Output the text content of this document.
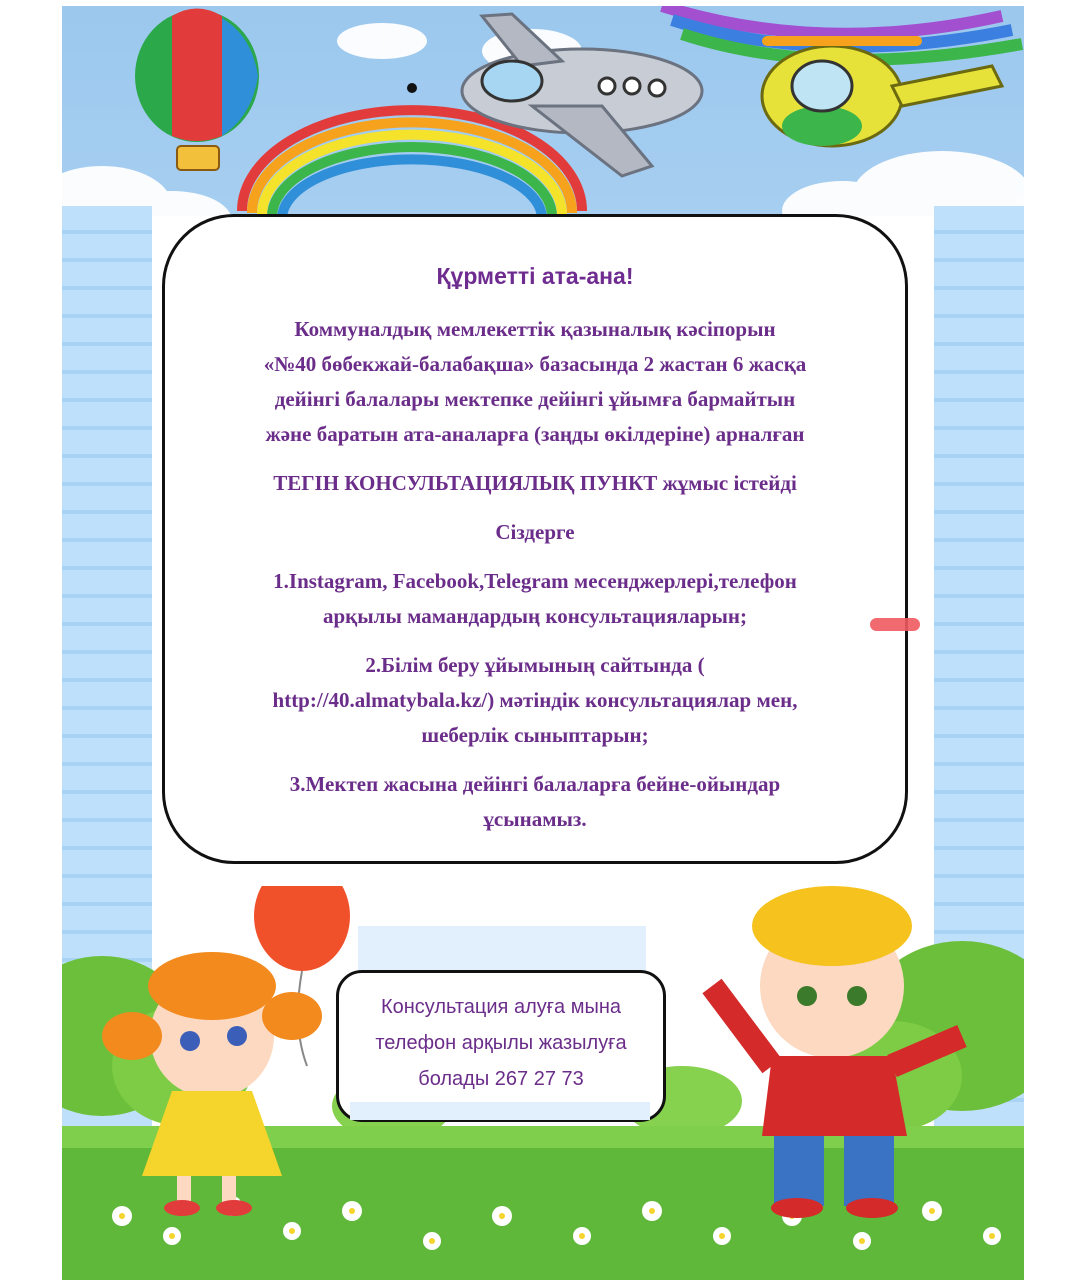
Құрметті ата-ана!
Коммуналдық мемлекеттік қазыналық кәсіпорын
«№40 бөбекжай-балабақша» базасында 2 жастан 6 жасқа
дейінгі балалары мектепке дейінгі ұйымға бармайтын
және баратын ата-аналарға (заңды өкілдеріне) арналған
ТЕГІН КОНСУЛЬТАЦИЯЛЫҚ ПУНКТ жұмыс істейді
Сіздерге
1.Instagram, Facebook,Telegram месенджерлері,телефон
арқылы мамандардың консультацияларын;
2.Білім беру ұйымының сайтында (
http://40.almatybala.kz/) мәтіндік консультациялар мен,
шеберлік сыныптарын;
3.Мектеп жасына дейінгі балаларға бейне-ойындар
ұсынамыз.
Консультация алуға мына
телефон арқылы жазылуға
болады 267 27 73
